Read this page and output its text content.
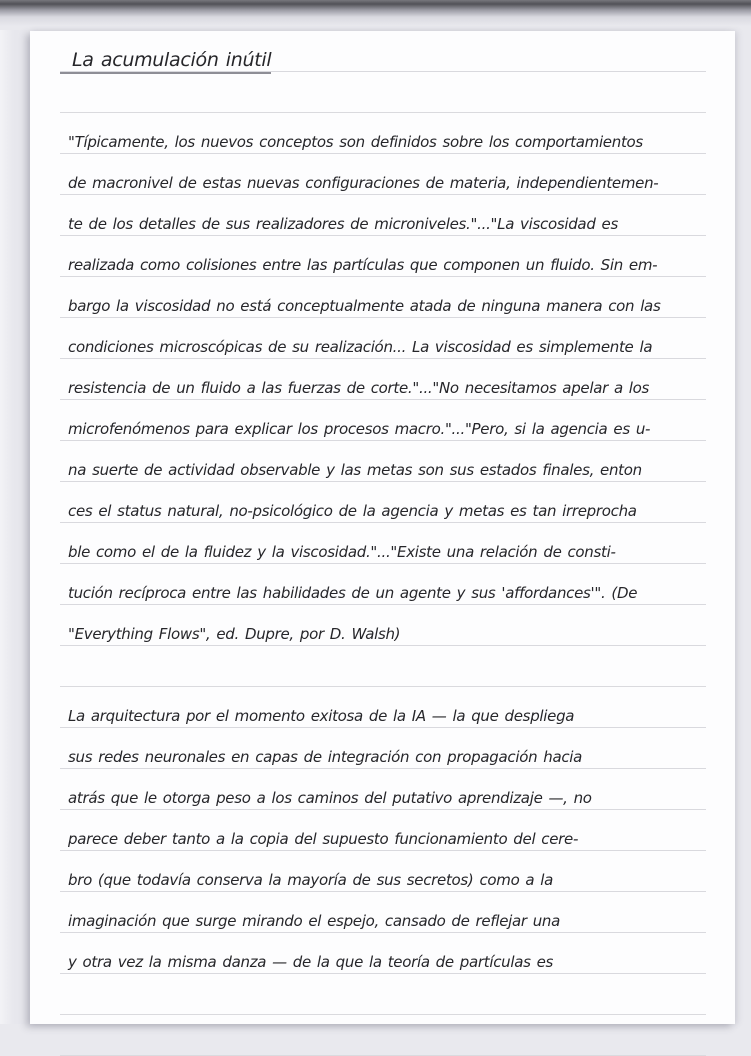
La acumulación inútil
"Típicamente, los nuevos conceptos son definidos sobre los comportamientos
de macronivel de estas nuevas configuraciones de materia, independientemen-
te de los detalles de sus realizadores de microniveles."..."La viscosidad es
realizada como colisiones entre las partículas que componen un fluido. Sin em-
bargo la viscosidad no está conceptualmente atada de ninguna manera con las
condiciones microscópicas de su realización... La viscosidad es simplemente la
resistencia de un fluido a las fuerzas de corte."..."No necesitamos apelar a los
microfenómenos para explicar los procesos macro."..."Pero, si la agencia es u-
na suerte de actividad observable y las metas son sus estados finales, enton
ces el status natural, no-psicológico de la agencia y metas es tan irreprocha
ble como el de la fluidez y la viscosidad."..."Existe una relación de consti-
tución recíproca entre las habilidades de un agente y sus 'affordances'". (De
"Everything Flows", ed. Dupre, por D. Walsh)
La arquitectura por el momento exitosa de la IA — la que despliega
sus redes neuronales en capas de integración con propagación hacia
atrás que le otorga peso a los caminos del putativo aprendizaje —, no
parece deber tanto a la copia del supuesto funcionamiento del cere-
bro (que todavía conserva la mayoría de sus secretos) como a la
imaginación que surge mirando el espejo, cansado de reflejar una
y otra vez la misma danza — de la que la teoría de partículas es
